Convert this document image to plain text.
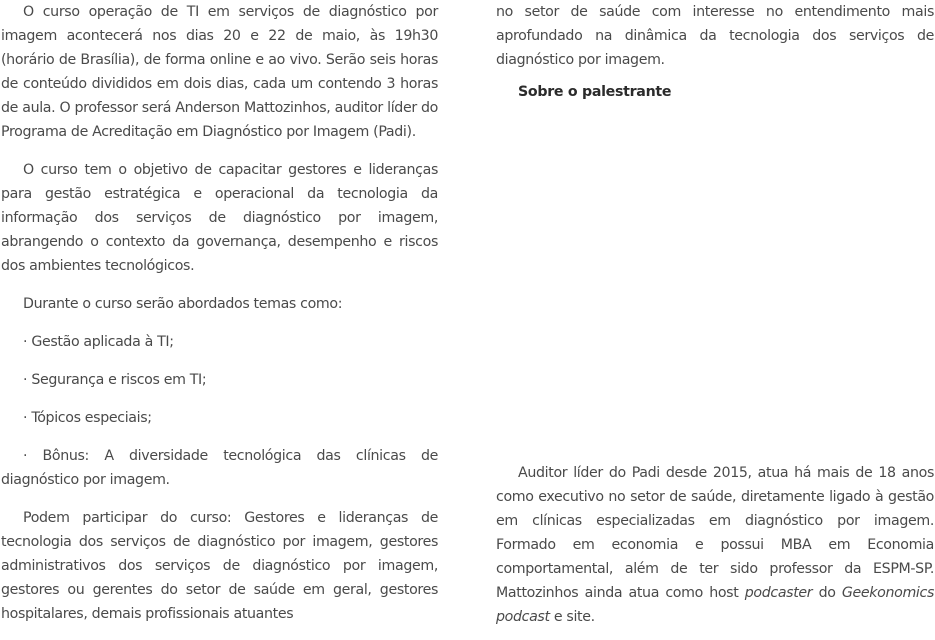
O curso operação de TI em serviços de diagnóstico por imagem acontecerá nos dias 20 e 22 de maio, às 19h30 (horário de Brasília), de forma online e ao vivo. Serão seis horas de conteúdo divididos em dois dias, cada um contendo 3 horas de aula. O professor será Anderson Mattozinhos, auditor líder do Programa de Acreditação em Diagnóstico por Imagem (Padi).

O curso tem o objetivo de capacitar gestores e lideranças para gestão estratégica e operacional da tecnologia da informação dos serviços de diagnóstico por imagem, abrangendo o contexto da governança, desempenho e riscos dos ambientes tecnológicos.

Durante o curso serão abordados temas como:

· Gestão aplicada à TI;

· Segurança e riscos em TI;

· Tópicos especiais;

· Bônus: A diversidade tecnológica das clínicas de diagnóstico por imagem.

Podem participar do curso: Gestores e lideranças de tecnologia dos serviços de diagnóstico por imagem, gestores administrativos dos serviços de diagnóstico por imagem, gestores ou gerentes do setor de saúde em geral, gestores hospitalares, demais profissionais atuantes

no setor de saúde com interesse no entendimento mais aprofundado na dinâmica da tecnologia dos serviços de diagnóstico por imagem.

Sobre o palestrante

Auditor líder do Padi desde 2015, atua há mais de 18 anos como executivo no setor de saúde, diretamente ligado à gestão em clínicas especializadas em diagnóstico por imagem. Formado em economia e possui MBA em Economia comportamental, além de ter sido professor da ESPM-SP. Mattozinhos ainda atua como host podcaster do Geekonomics podcast e site.
